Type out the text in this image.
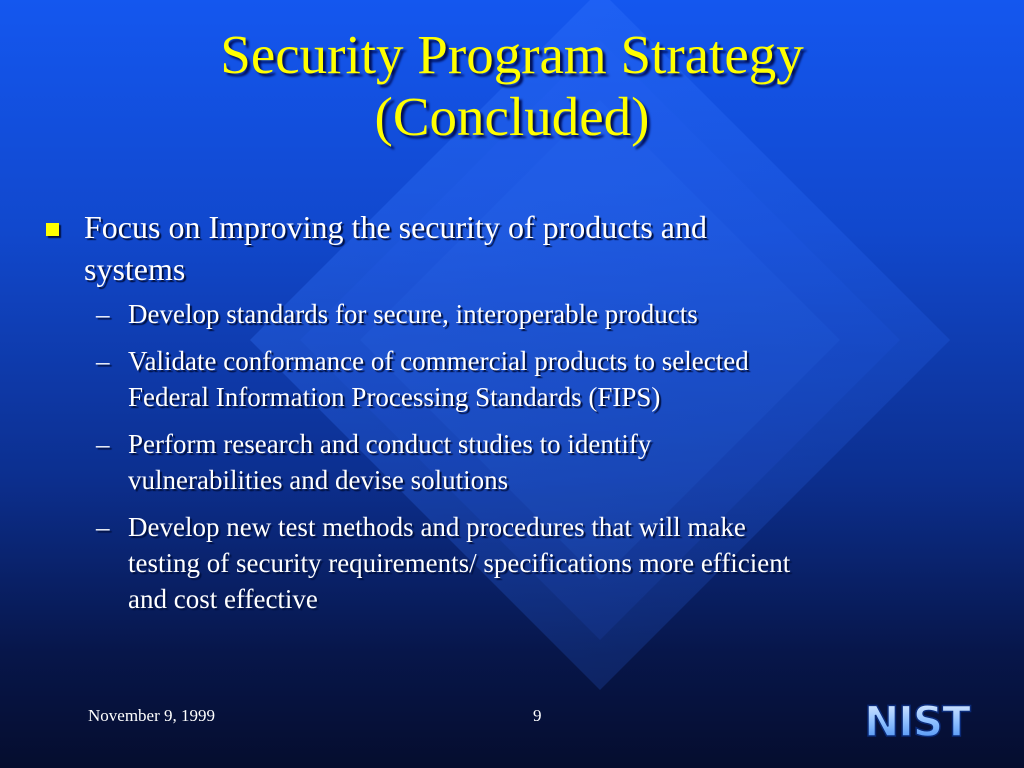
Security Program Strategy
(Concluded)
Focus on Improving the security of products and
systems
– Develop standards for secure, interoperable products
– Validate conformance of commercial products to selected
Federal Information Processing Standards (FIPS)
– Perform research and conduct studies to identify
vulnerabilities and devise solutions
– Develop new test methods and procedures that will make
testing of security requirements/ specifications more efficient
and cost effective
November 9, 1999	9	NIST
